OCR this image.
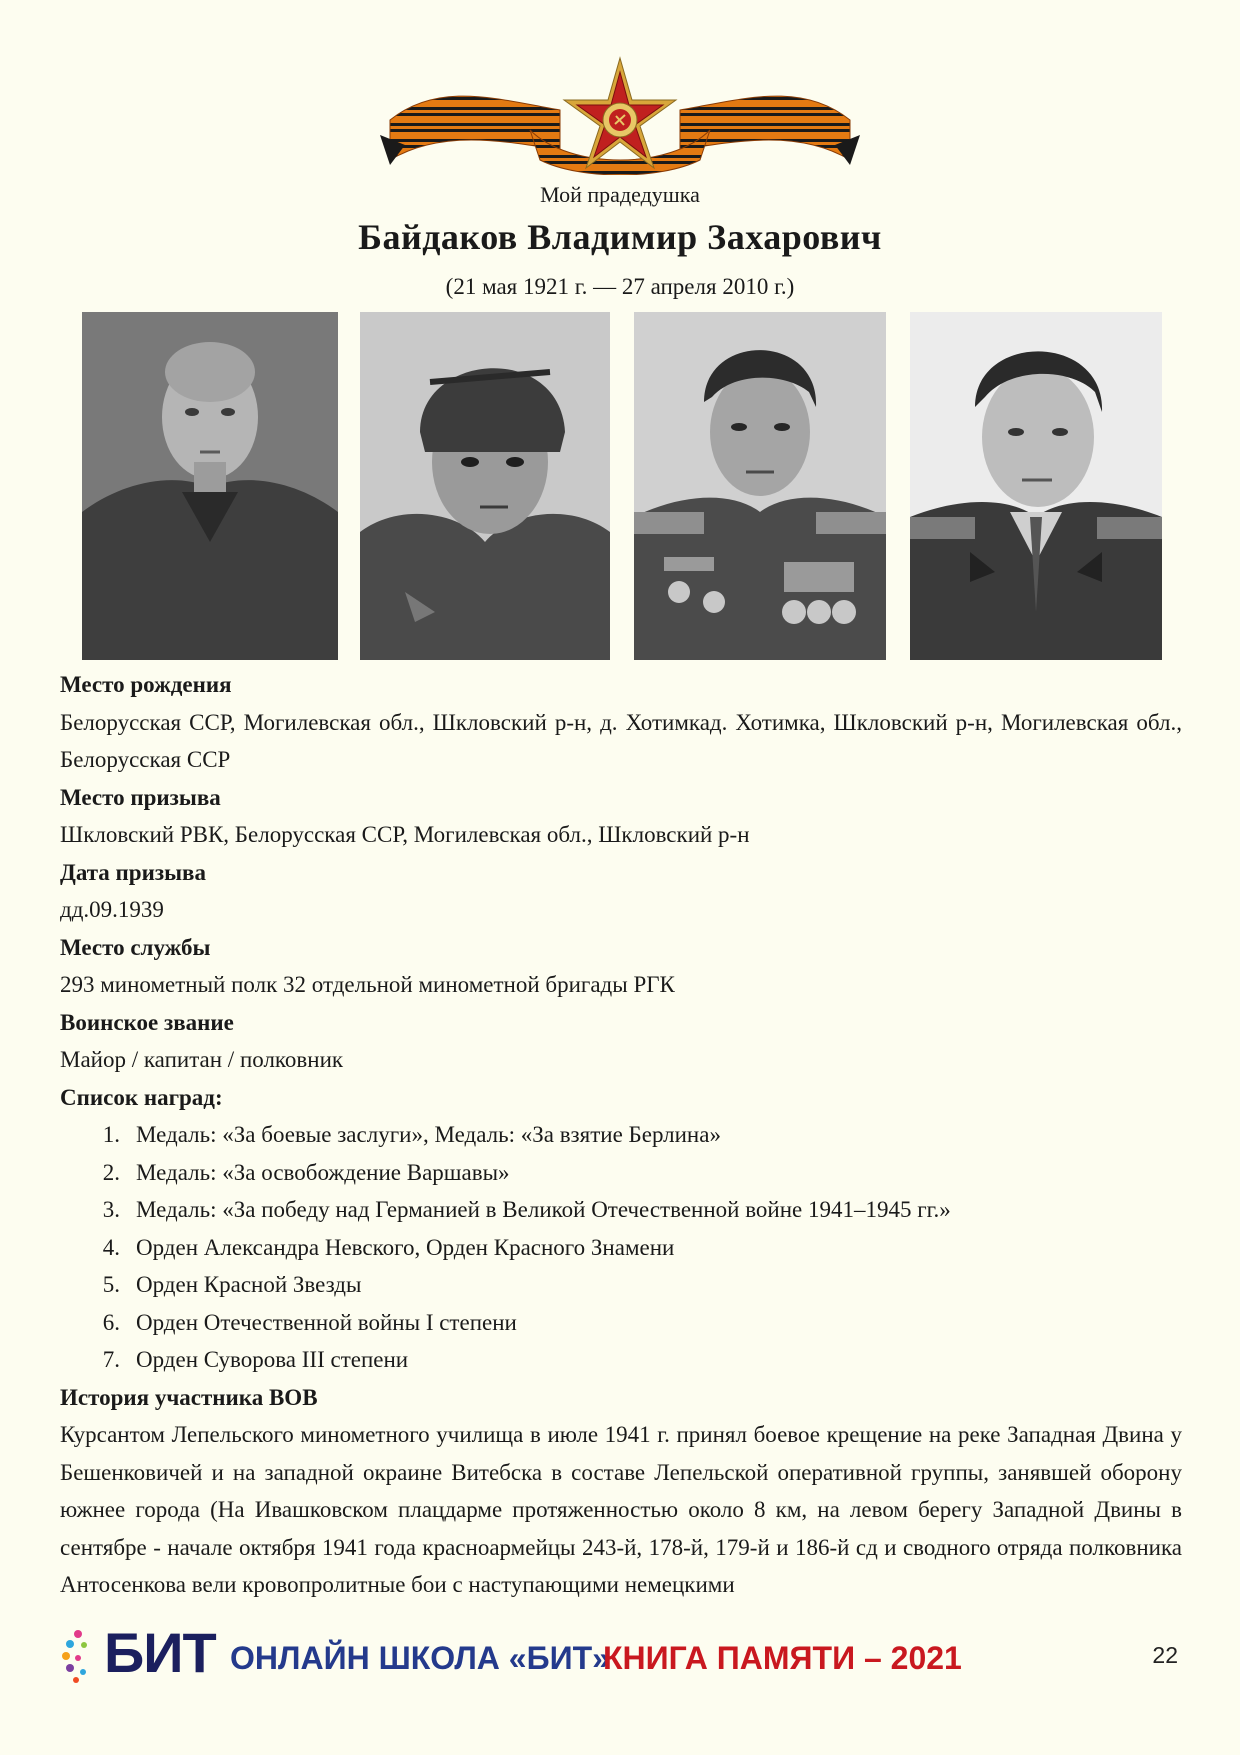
Мой прадедушка
Байдаков Владимир Захарович
(21 мая 1921 г. — 27 апреля 2010 г.)
Место рождения
Белорусская ССР, Могилевская обл., Шкловский р-н, д. Хотимкад. Хотимка, Шкловский р-н, Могилевская обл., Белорусская ССР
Место призыва
Шкловский РВК, Белорусская ССР, Могилевская обл., Шкловский р-н
Дата призыва
дд.09.1939
Место службы
293 минометный полк 32 отдельной минометной бригады РГК
Воинское звание
Майор / капитан / полковник
Список наград:
1. Медаль: «За боевые заслуги», Медаль: «За взятие Берлина»
2. Медаль: «За освобождение Варшавы»
3. Медаль: «За победу над Германией в Великой Отечественной войне 1941–1945 гг.»
4. Орден Александра Невского, Орден Красного Знамени
5. Орден Красной Звезды
6. Орден Отечественной войны I степени
7. Орден Суворова III степени
История участника ВОВ
Курсантом Лепельского минометного училища в июле 1941 г. принял боевое крещение на реке Западная Двина у Бешенковичей и на западной окраине Витебска в составе Лепельской оперативной группы, занявшей оборону южнее города (На Ивашковском плацдарме протяженностью около 8 км, на левом берегу Западной Двины в сентябре - начале октября 1941 года красноармейцы 243-й, 178-й, 179-й и 186-й сд и сводного отряда полковника Антосенкова вели кровопролитные бои с наступающими немецкими
БИТ ОНЛАЙН ШКОЛА «БИТ»
КНИГА ПАМЯТИ – 2021	22
